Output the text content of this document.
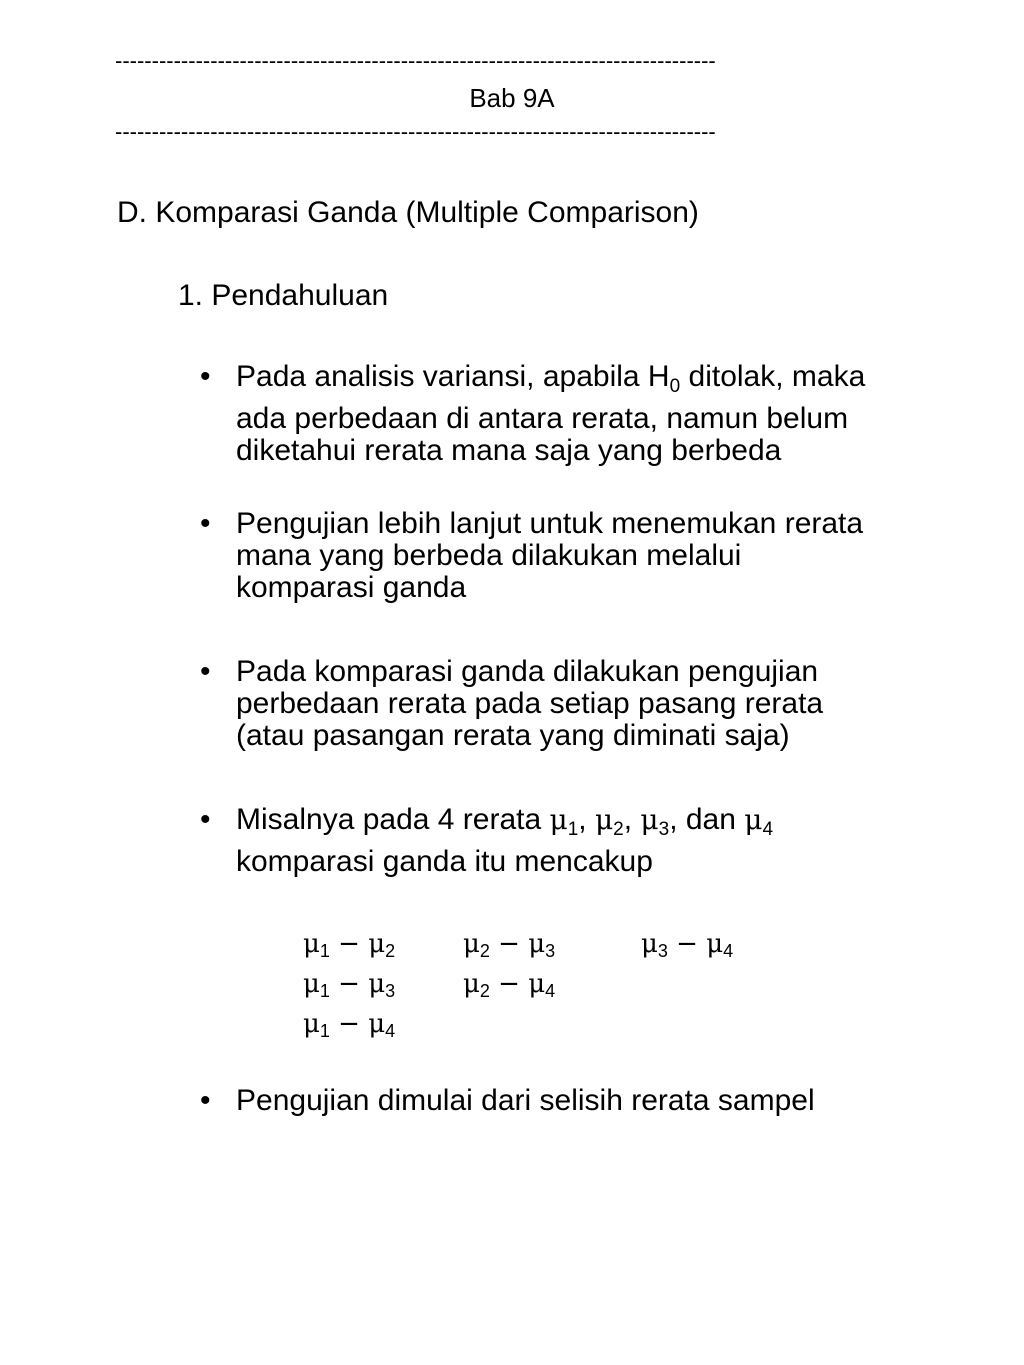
----------------------------------------------------------------------------------
Bab 9A
----------------------------------------------------------------------------------
D. Komparasi Ganda (Multiple Comparison)
1. Pendahuluan
• Pada analisis variansi, apabila $H_0$ ditolak, maka
ada perbedaan di antara rerata, namun belum
diketahui rerata mana saja yang berbeda
• Pengujian lebih lanjut untuk menemukan rerata
mana yang berbeda dilakukan melalui
komparasi ganda
• Pada komparasi ganda dilakukan pengujian
perbedaan rerata pada setiap pasang rerata
(atau pasangan rerata yang diminati saja)
• Misalnya pada 4 rerata $\mu_1$, $\mu_2$, $\mu_3$, dan $\mu_4$
komparasi ganda itu mencakup
μ1 − μ2	μ2 − μ3	μ3 − μ4
μ1 − μ3	μ2 − μ4
μ1 − μ4
• Pengujian dimulai dari selisih rerata sampel
